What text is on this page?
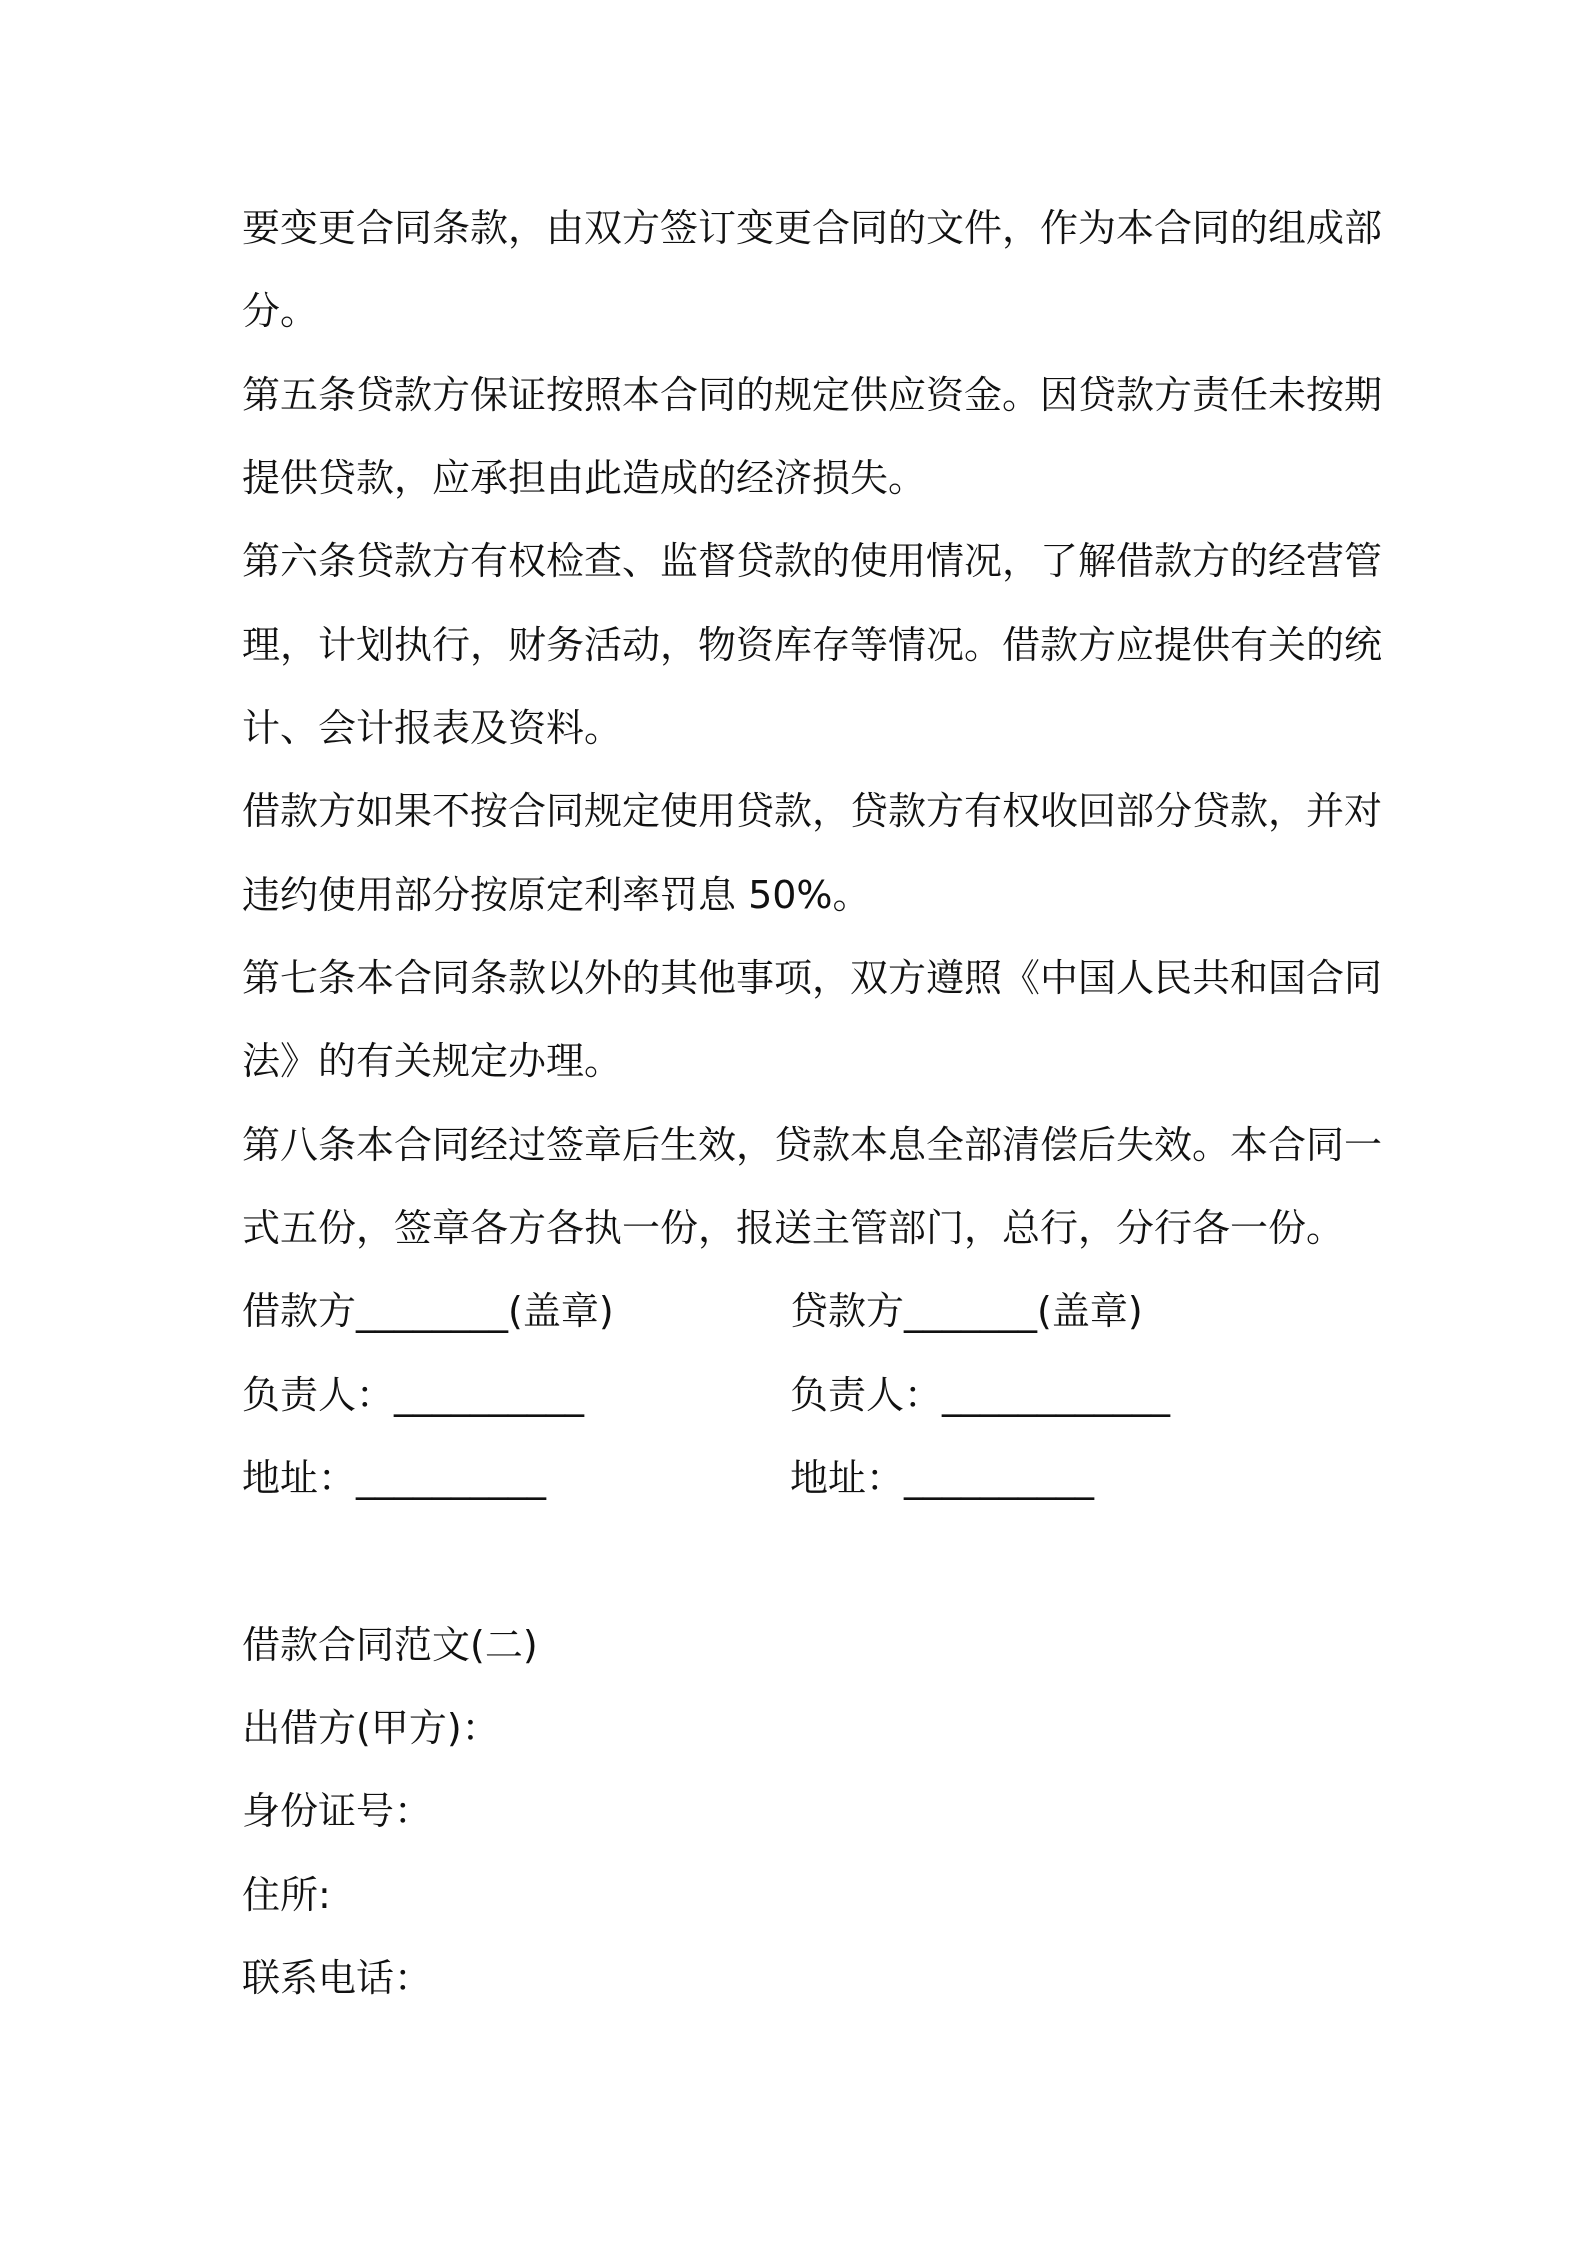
要变更合同条款，由双方签订变更合同的文件，作为本合同的组成部
分。
第五条贷款方保证按照本合同的规定供应资金。因贷款方责任未按期
提供贷款，应承担由此造成的经济损失。
第六条贷款方有权检查、监督贷款的使用情况，了解借款方的经营管
理，计划执行，财务活动，物资库存等情况。借款方应提供有关的统
计、会计报表及资料。
借款方如果不按合同规定使用贷款，贷款方有权收回部分贷款，并对
违约使用部分按原定利率罚息 50%。
第七条本合同条款以外的其他事项，双方遵照《中国人民共和国合同
法》的有关规定办理。
第八条本合同经过签章后生效，贷款本息全部清偿后失效。本合同一
式五份，签章各方各执一份，报送主管部门，总行，分行各一份。
借款方________(盖章)	贷款方_______(盖章)
负责人：__________	负责人：____________
地址：__________	地址：__________
借款合同范文(二)
出借方(甲方)：
身份证号：
住所:
联系电话：
